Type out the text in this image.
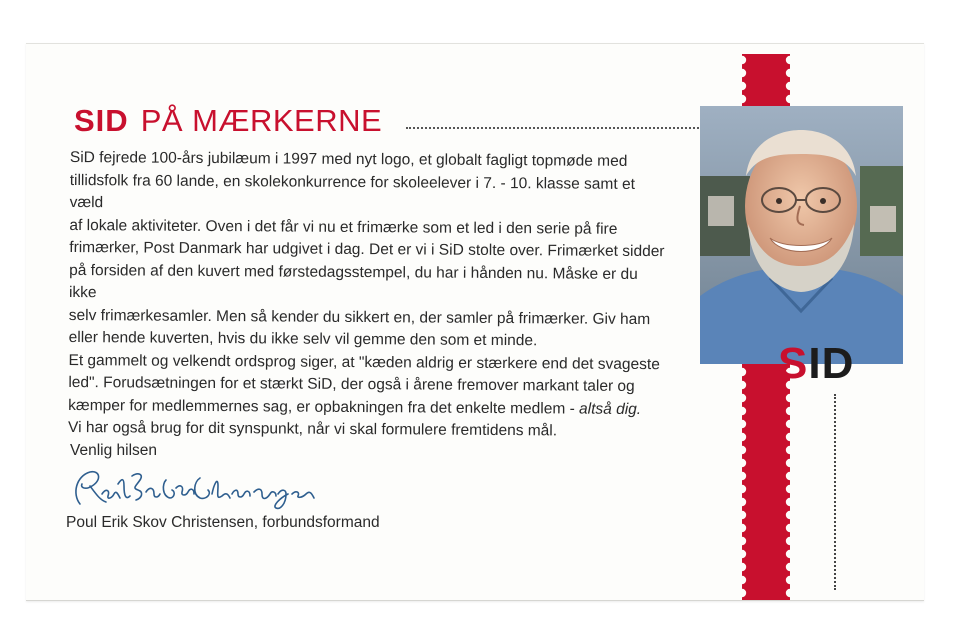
SID PÅ MÆRKERNE

SiD fejrede 100-års jubilæum i 1997 med nyt logo, et globalt fagligt topmøde med

tillidsfolk fra 60 lande, en skolekonkurrence for skoleelever i 7. - 10. klasse samt et væld

af lokale aktiviteter. Oven i det får vi nu et frimærke som et led i den serie på fire

frimærker, Post Danmark har udgivet i dag. Det er vi i SiD stolte over. Frimærket sidder

på forsiden af den kuvert med førstedagsstempel, du har i hånden nu. Måske er du ikke

selv frimærkesamler. Men så kender du sikkert en, der samler på frimærker. Giv ham

eller hende kuverten, hvis du ikke selv vil gemme den som et minde.

Et gammelt og velkendt ordsprog siger, at "kæden aldrig er stærkere end det svageste

led". Forudsætningen for et stærkt SiD, der også i årene fremover markant taler og

kæmper for medlemmernes sag, er opbakningen fra det enkelte medlem - altså dig.

Vi har også brug for dit synspunkt, når vi skal formulere fremtidens mål.

Venlig hilsen
Poul Erik Skov Christensen, forbundsformand
SID
